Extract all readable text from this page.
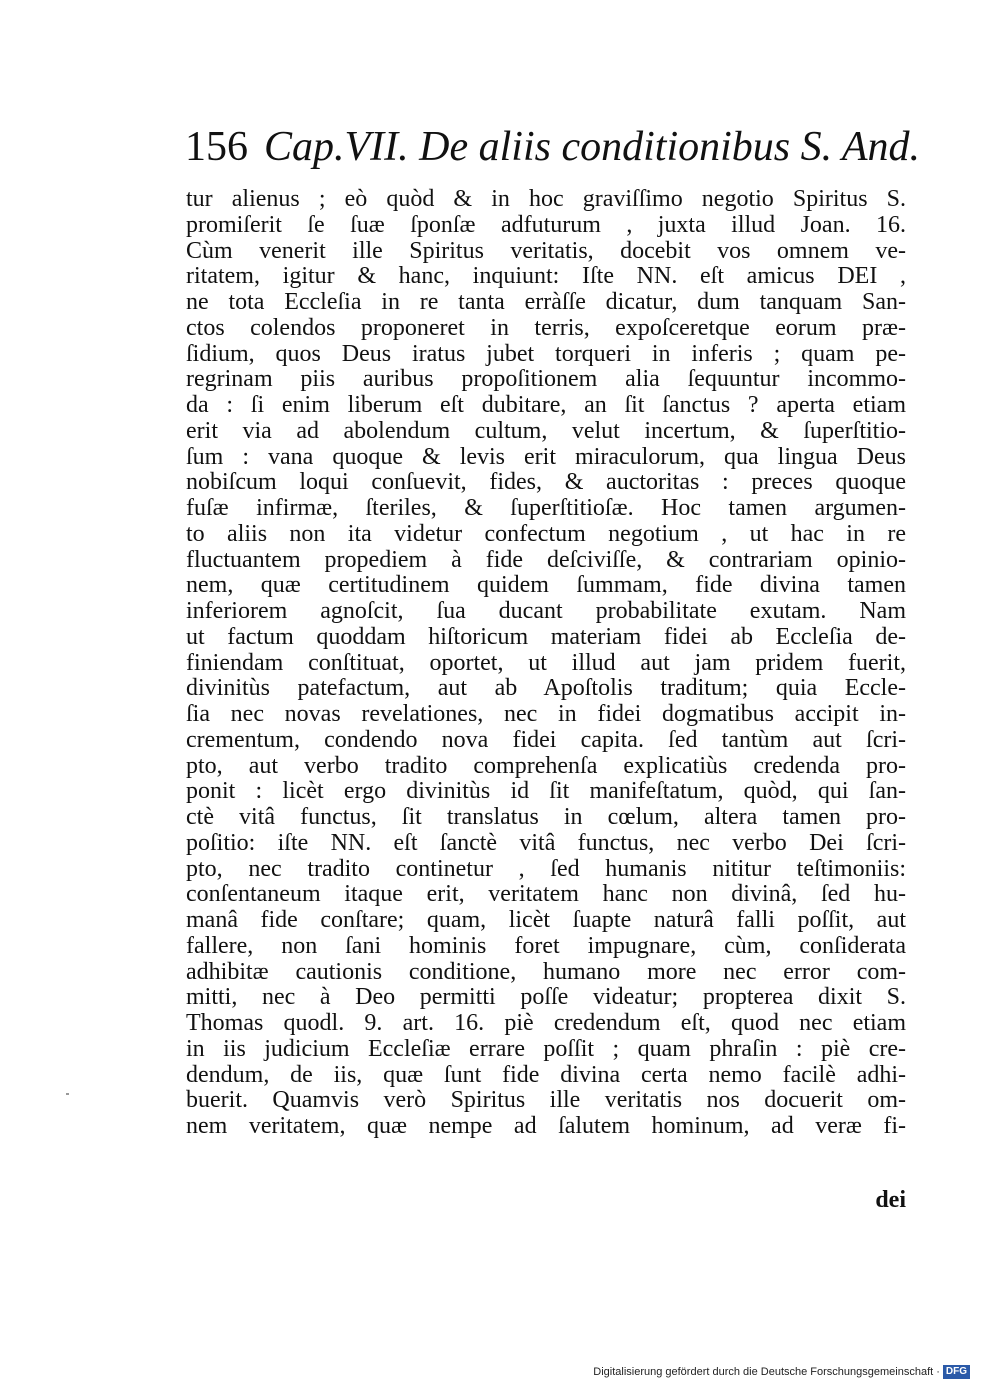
156 Cap.VII. De aliis conditionibus S. And.
tur alienus ; eò quòd & in hoc graviſſimo negotio Spiritus S.
promiſerit ſe ſuæ ſponſæ adfuturum , juxta illud Joan. 16.
Cùm venerit ille Spiritus veritatis, docebit vos omnem ve-
ritatem, igitur & hanc, inquiunt: Iſte NN. eſt amicus DEI ,
ne tota Eccleſia in re tanta erràſſe dicatur, dum tanquam San-
ctos colendos proponeret in terris, expoſceretque eorum præ-
ſidium, quos Deus iratus jubet torqueri in inferis ; quam pe-
regrinam piis auribus propoſitionem alia ſequuntur incommo-
da : ſi enim liberum eſt dubitare, an ſit ſanctus ? aperta etiam
erit via ad abolendum cultum, velut incertum, & ſuperſtitio-
ſum : vana quoque & levis erit miraculorum, qua lingua Deus
nobiſcum loqui conſuevit, fides, & auctoritas : preces quoque
fuſæ infirmæ, ſteriles, & ſuperſtitioſæ. Hoc tamen argumen-
to aliis non ita videtur confectum negotium , ut hac in re
fluctuantem propediem à fide deſciviſſe, & contrariam opinio-
nem, quæ certitudinem quidem ſummam, fide divina tamen
inferiorem agnoſcit, ſua ducant probabilitate exutam. Nam
ut factum quoddam hiſtoricum materiam fidei ab Eccleſia de-
finiendam conſtituat, oportet, ut illud aut jam pridem fuerit,
divinitùs patefactum, aut ab Apoſtolis traditum; quia Eccle-
ſia nec novas revelationes, nec in fidei dogmatibus accipit in-
crementum, condendo nova fidei capita. ſed tantùm aut ſcri-
pto, aut verbo tradito comprehenſa explicatiùs credenda pro-
ponit : licèt ergo divinitùs id ſit manifeſtatum, quòd, qui ſan-
ctè vitâ functus, ſit translatus in cœlum, altera tamen pro-
poſitio: iſte NN. eſt ſanctè vitâ functus, nec verbo Dei ſcri-
pto, nec tradito continetur , ſed humanis nititur teſtimoniis:
conſentaneum itaque erit, veritatem hanc non divinâ, ſed hu-
manâ fide conſtare; quam, licèt ſuapte naturâ falli poſſit, aut
fallere, non ſani hominis foret impugnare, cùm, conſiderata
adhibitæ cautionis conditione, humano more nec error com-
mitti, nec à Deo permitti poſſe videatur; propterea dixit S.
Thomas quodl. 9. art. 16. piè credendum eſt, quod nec etiam
in iis judicium Eccleſiæ errare poſſit ; quam phraſin : piè cre-
dendum, de iis, quæ ſunt fide divina certa nemo facilè adhi-
buerit. Quamvis verò Spiritus ille veritatis nos docuerit om-
nem veritatem, quæ nempe ad ſalutem hominum, ad veræ fi-
dei
Digitalisierung gefördert durch die Deutsche Forschungsgemeinschaft · DFG
